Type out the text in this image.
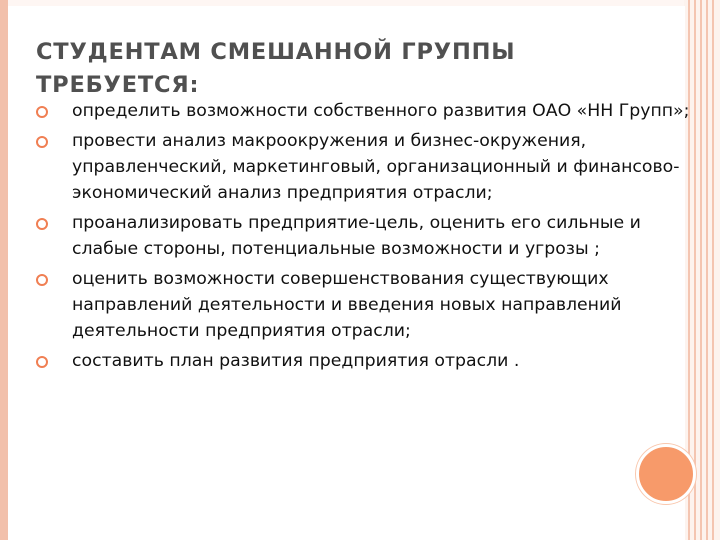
СТУДЕНТАМ СМЕШАННОЙ ГРУППЫ ТРЕБУЕТСЯ:
определить возможности собственного развития ОАО «НН Групп»;
провести анализ макроокружения и бизнес-окружения, управленческий, маркетинговый, организационный и финансово-экономический анализ предприятия отрасли;
проанализировать предприятие-цель, оценить его сильные и слабые стороны, потенциальные возможности и угрозы ;
оценить возможности совершенствования существующих направлений деятельности и введения новых направлений деятельности предприятия отрасли;
составить план развития предприятия отрасли .
